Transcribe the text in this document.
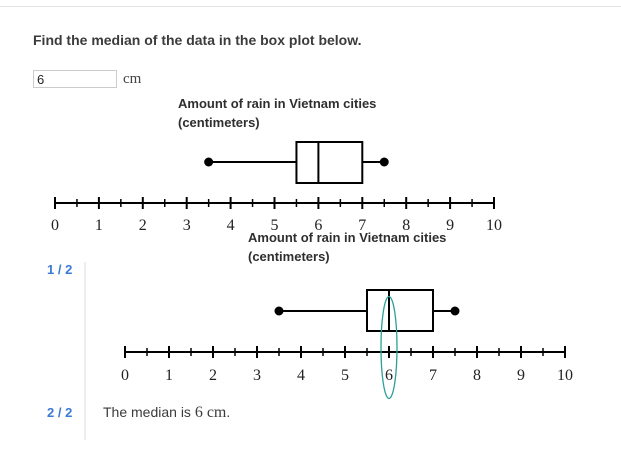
Find the median of the data in the box plot below.
6
cm
Amount of rain in Vietnam cities
(centimeters)
0 1 2 3 4 5 6 7 8 9 10
1 / 2
Amount of rain in Vietnam cities
(centimeters)
0 1 2 3 4 5 6 7 8 9 10
2 / 2 The median is 6 cm.
